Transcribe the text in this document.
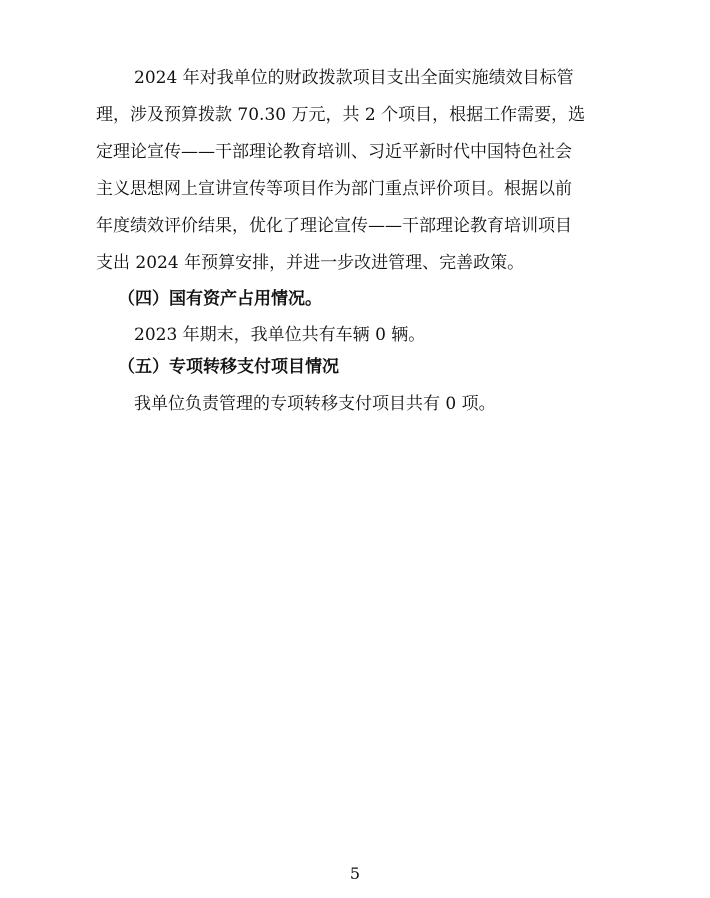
2024 年对我单位的财政拨款项目支出全面实施绩效目标管
理，涉及预算拨款 70.30 万元，共 2 个项目，根据工作需要，选
定理论宣传——干部理论教育培训、习近平新时代中国特色社会
主义思想网上宣讲宣传等项目作为部门重点评价项目。根据以前
年度绩效评价结果，优化了理论宣传——干部理论教育培训项目
支出 2024 年预算安排，并进一步改进管理、完善政策。
（四）国有资产占用情况。
2023 年期末，我单位共有车辆 0 辆。
（五）专项转移支付项目情况
我单位负责管理的专项转移支付项目共有 0 项。
5
